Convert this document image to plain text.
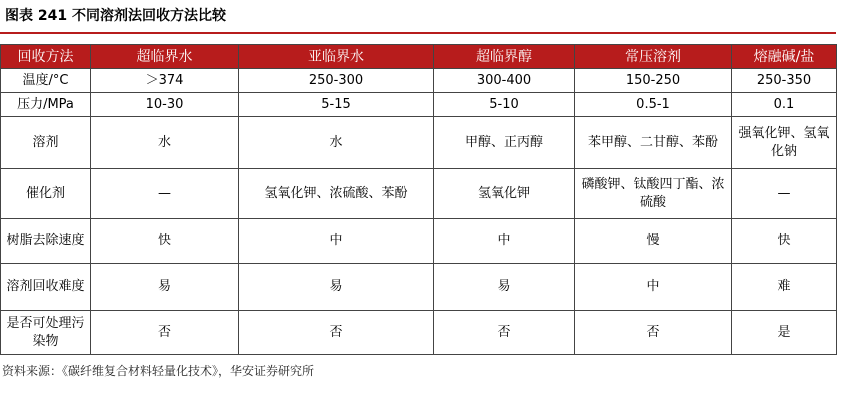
图表 241 不同溶剂法回收方法比较
回收方法	超临界水	亚临界水	超临界醇	常压溶剂	熔融碱/盐
温度/°C	＞374	250-300	300-400	150-250	250-350
压力/MPa	10-30	5-15	5-10	0.5-1	0.1
溶剂	水	水	甲醇、正丙醇	苯甲醇、二甘醇、苯酚	强氧化钾、氢氧化钠
催化剂	—	氢氧化钾、浓硫酸、苯酚	氢氧化钾	磷酸钾、钛酸四丁酯、浓硫酸	—
树脂去除速度	快	中	中	慢	快
溶剂回收难度	易	易	易	中	难
是否可处理污染物	否	否	否	否	是
资料来源：《碳纤维复合材料轻量化技术》，华安证券研究所
